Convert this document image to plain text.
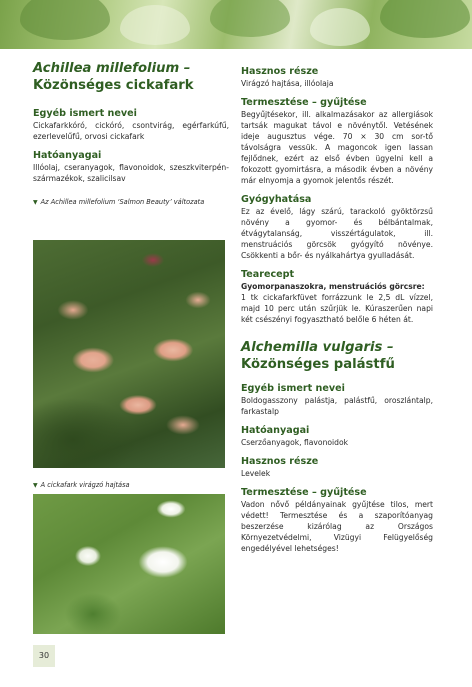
Achillea millefolium –
Közönséges cickafark

Egyéb ismert nevei

Cickafarkkóró, cickóró, csontvirág, egérfarkúfű, ezerlevelűfű, orvosi cickafark

Hatóanyagai

Illóolaj, cseranyagok, flavonoidok, szeszkviterpén-származékok, szalicilsav

▼ Az Achillea millefolium ‘Salmon Beauty’ változata

▼ A cickafark virágzó hajtása

30

Hasznos része

Virágzó hajtása, illóolaja

Termesztése – gyűjtése

Begyűjtésekor, ill. alkalmazásakor az allergiások tartsák magukat távol e növénytől. Vetésének ideje augusztus vége. 70 × 30 cm sor-tő távolságra vessük. A magoncok igen lassan fejlődnek, ezért az első évben ügyelni kell a fokozott gyomirtásra, a második évben a növény már elnyomja a gyomok jelentős részét.

Gyógyhatása

Ez az évelő, lágy szárú, tarackoló gyöktörzsű növény a gyomor- és bélbántalmak, étvágytalanság, visszértágulatok, ill. menstruációs görcsök gyógyító növénye. Csökkenti a bőr- és nyálkahártya gyulladását.

Tearecept

Gyomorpanaszokra, menstruációs görcsre:

1 tk cickafarkfüvet forrázzunk le 2,5 dL vízzel, majd 10 perc után szűrjük le. Kúraszerűen napi két csészényi fogyasztható belőle 6 héten át.

Alchemilla vulgaris –
Közönséges palástfű

Egyéb ismert nevei

Boldogasszony palástja, palástfű, oroszlántalp, farkastalp

Hatóanyagai

Cserzőanyagok, flavonoidok

Hasznos része

Levelek

Termesztése – gyűjtése

Vadon nővő példányainak gyűjtése tilos, mert védett! Termesztése és a szaporítóanyag beszerzése kizárólag az Országos Környezetvédelmi, Vizügyi Felügyelőség engedélyével lehetséges!
